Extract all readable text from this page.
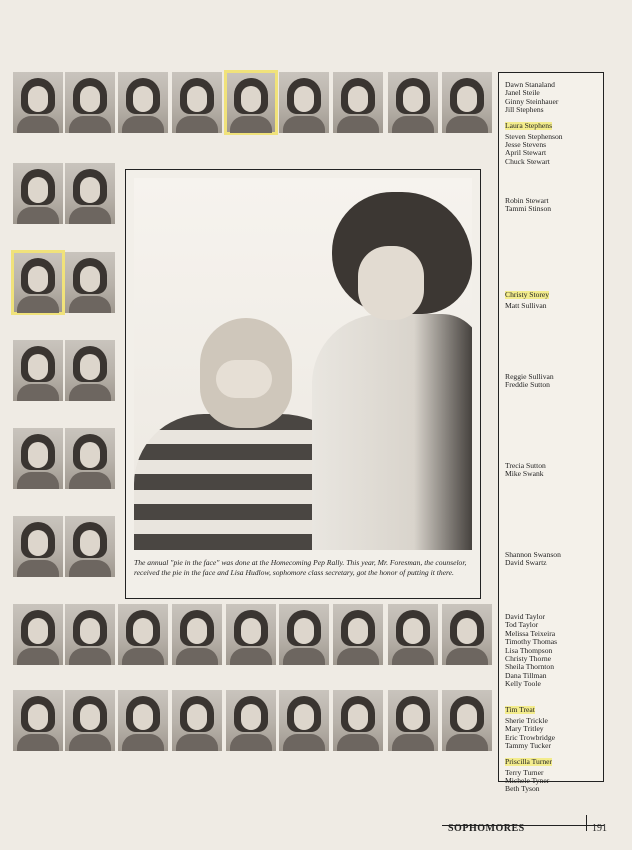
The annual "pie in the face" was done at the Homecoming Pep Rally. This year, Mr. Foresman, the counselor, received the pie in the face and Lisa Hudlow, sophomore class secretary, got the honor of putting it there.
Dawn Stanaland
Janel Steile
Ginny Steinhauer
Jill Stephens
Laura Stephens
Steven Stephenson
Jesse Stevens
April Stewart
Chuck Stewart
Robin Stewart
Tammi Stinson
Christy Storey
Matt Sullivan
Reggie Sullivan
Freddie Sutton
Trecia Sutton
Mike Swank
Shannon Swanson
David Swartz
David Taylor
Tod Taylor
Melissa Teixeira
Timothy Thomas
Lisa Thompson
Christy Thorne
Sheila Thornton
Dana Tillman
Kelly Toole
Tim Treat
Sherie Trickle
Mary Tritley
Eric Trowbridge
Tammy Tucker
Priscilla Turner
Terry Turner
Michele Tyner
Beth Tyson
SOPHOMORES	191
